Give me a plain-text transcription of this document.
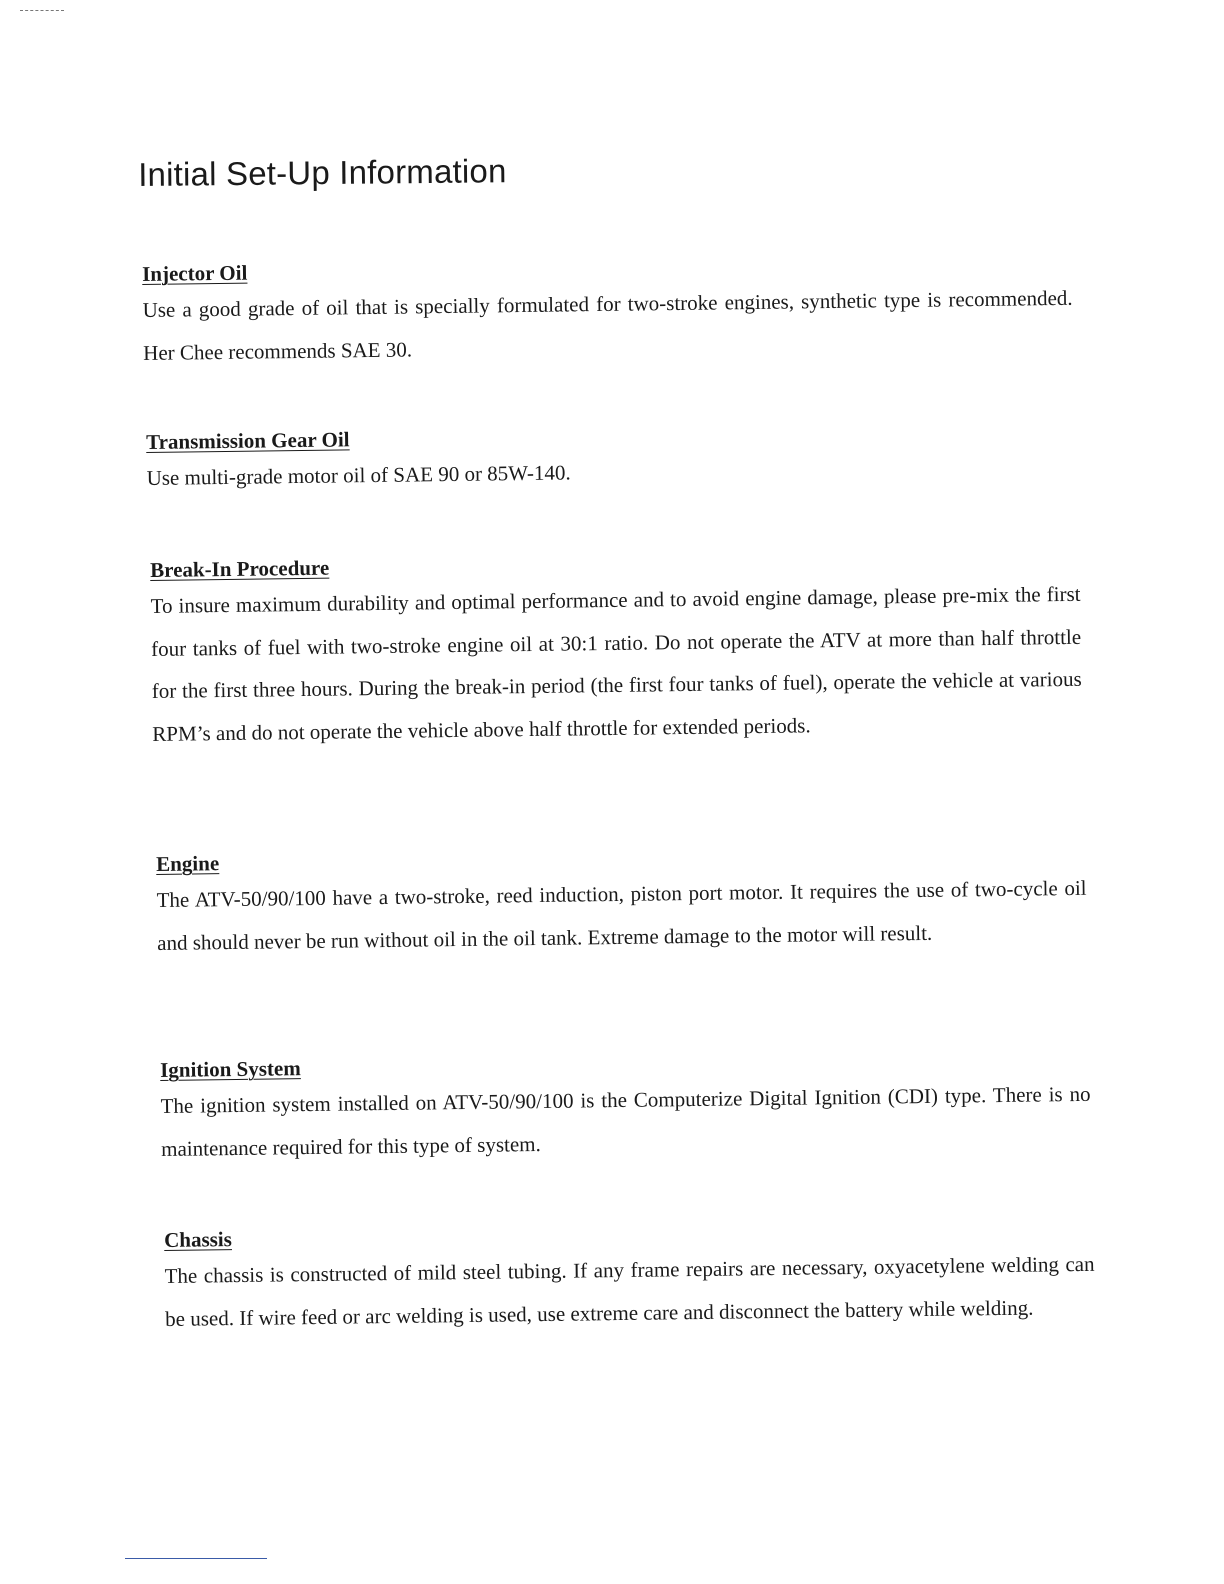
Initial Set-Up Information
Injector Oil

Use a good grade of oil that is specially formulated for two-stroke engines, synthetic type is recommended. Her Chee recommends SAE 30.

Transmission Gear Oil

Use multi-grade motor oil of SAE 90 or 85W-140.

Break-In Procedure

To insure maximum durability and optimal performance and to avoid engine damage, please pre-mix the first four tanks of fuel with two-stroke engine oil at 30:1 ratio. Do not operate the ATV at more than half throttle for the first three hours. During the break-in period (the first four tanks of fuel), operate the vehicle at various RPM’s and do not operate the vehicle above half throttle for extended periods.

Engine

The ATV-50/90/100 have a two-stroke, reed induction, piston port motor. It requires the use of two-cycle oil and should never be run without oil in the oil tank. Extreme damage to the motor will result.

Ignition System

The ignition system installed on ATV-50/90/100 is the Computerize Digital Ignition (CDI) type. There is no maintenance required for this type of system.

Chassis

The chassis is constructed of mild steel tubing. If any frame repairs are necessary, oxyacetylene welding can be used. If wire feed or arc welding is used, use extreme care and disconnect the battery while welding.
